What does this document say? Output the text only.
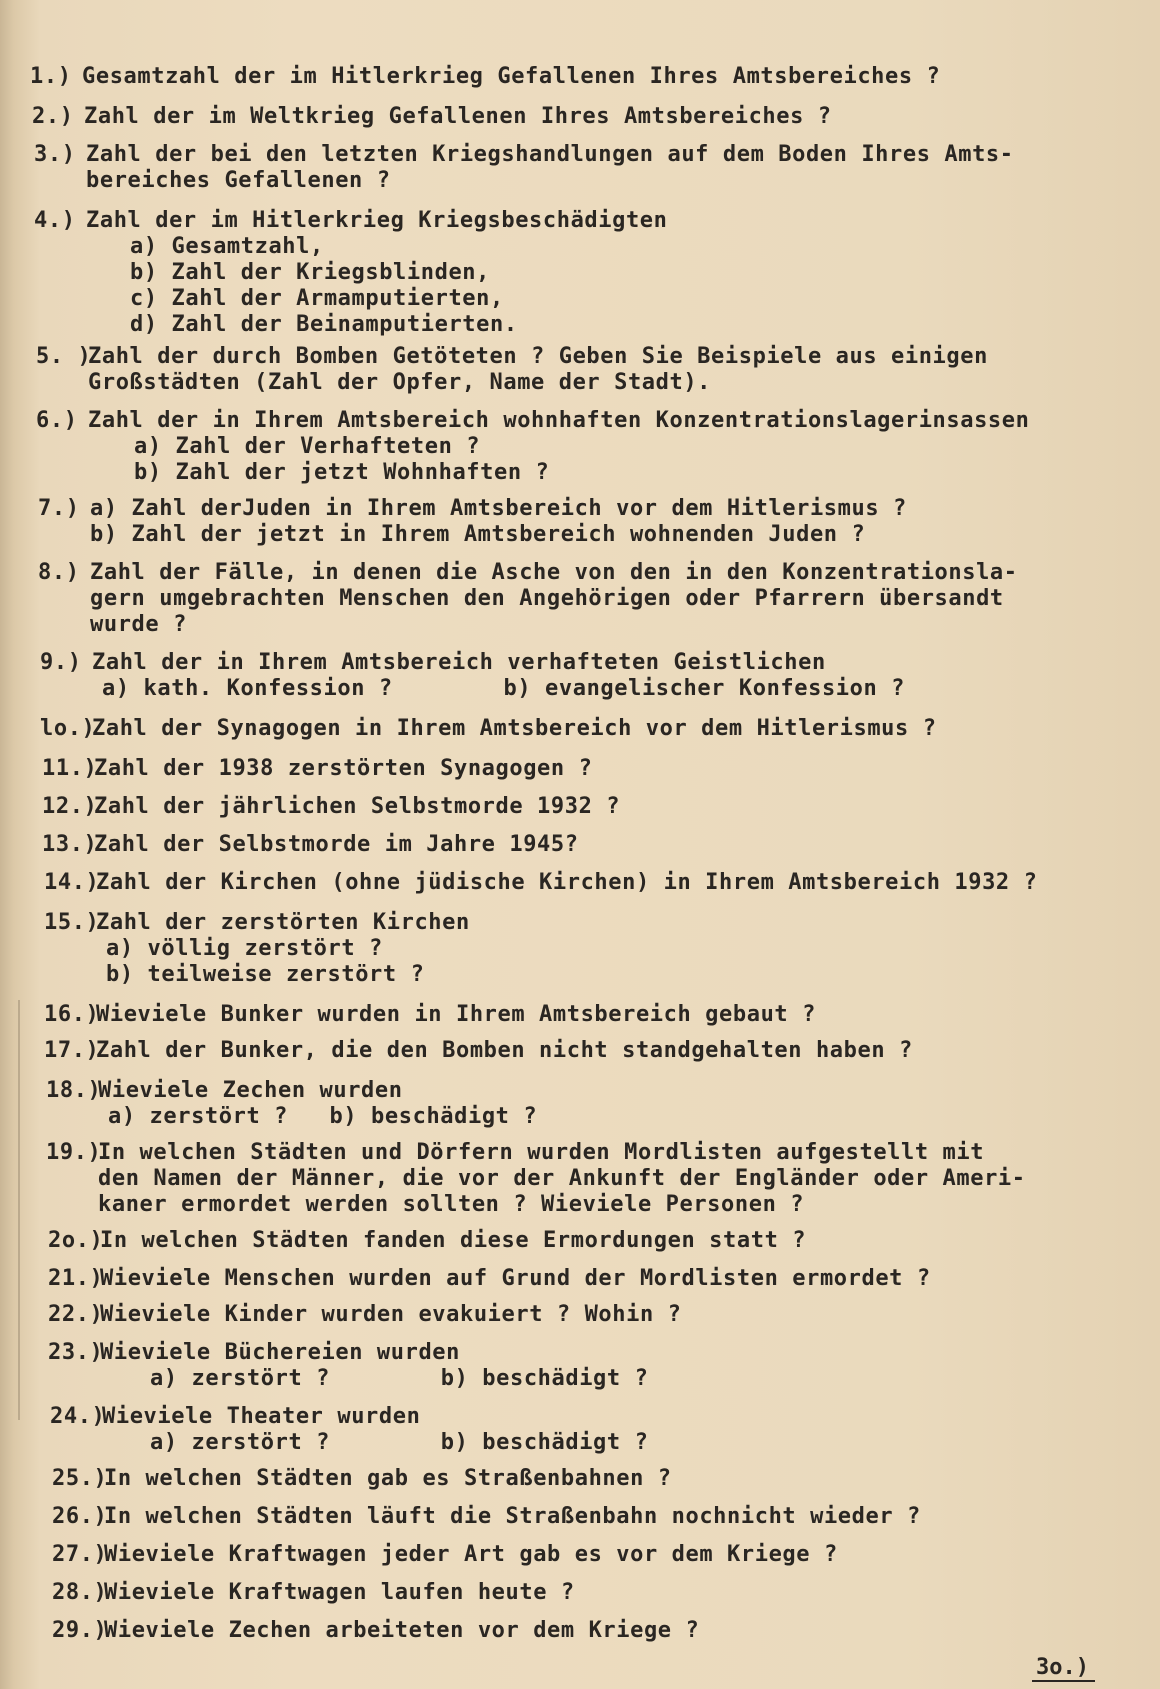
1.) Gesamtzahl der im Hitlerkrieg Gefallenen Ihres Amtsbereiches ?
2.) Zahl der im Weltkrieg Gefallenen Ihres Amtsbereiches ?
3.) Zahl der bei den letzten Kriegshandlungen auf dem Boden Ihres Amts-
bereiches Gefallenen ?
4.) Zahl der im Hitlerkrieg Kriegsbeschädigten
a) Gesamtzahl,
b) Zahl der Kriegsblinden,
c) Zahl der Armamputierten,
d) Zahl der Beinamputierten.
5. )
Zahl der durch Bomben Getöteten ? Geben Sie Beispiele aus einigen
Großstädten (Zahl der Opfer, Name der Stadt).
6.) Zahl der in Ihrem Amtsbereich wohnhaften Konzentrationslagerinsassen
a) Zahl der Verhafteten ?
b) Zahl der jetzt Wohnhaften ?
7.) a) Zahl derJuden in Ihrem Amtsbereich vor dem Hitlerismus ?
b) Zahl der jetzt in Ihrem Amtsbereich wohnenden Juden ?
8.) Zahl der Fälle, in denen die Asche von den in den Konzentrationsla-
gern umgebrachten Menschen den Angehörigen oder Pfarrern übersandt
wurde ?
9.) Zahl der in Ihrem Amtsbereich verhafteten Geistlichen
a) kath. Konfession ?        b) evangelischer Konfession ?
lo.)
Zahl der Synagogen in Ihrem Amtsbereich vor dem Hitlerismus ?
11.)
Zahl der 1938 zerstörten Synagogen ?
12.)
Zahl der jährlichen Selbstmorde 1932 ?
13.)
Zahl der Selbstmorde im Jahre 1945?
14.)
Zahl der Kirchen (ohne jüdische Kirchen) in Ihrem Amtsbereich 1932 ?
15.)
Zahl der zerstörten Kirchen
a) völlig zerstört ?
b) teilweise zerstört ?
16.)
Wieviele Bunker wurden in Ihrem Amtsbereich gebaut ?
17.)
Zahl der Bunker, die den Bomben nicht standgehalten haben ?
18.)
Wieviele Zechen wurden
a) zerstört ?   b) beschädigt ?
19.)
In welchen Städten und Dörfern wurden Mordlisten aufgestellt mit
den Namen der Männer, die vor der Ankunft der Engländer oder Ameri-
kaner ermordet werden sollten ? Wieviele Personen ?
2o.)
In welchen Städten fanden diese Ermordungen statt ?
21.)
Wieviele Menschen wurden auf Grund der Mordlisten ermordet ?
22.)
Wieviele Kinder wurden evakuiert ? Wohin ?
23.)
Wieviele Büchereien wurden
a) zerstört ?        b) beschädigt ?
24.)
Wieviele Theater wurden
a) zerstört ?        b) beschädigt ?
25.)
In welchen Städten gab es Straßenbahnen ?
26.)
In welchen Städten läuft die Straßenbahn nochnicht wieder ?
27.)
Wieviele Kraftwagen jeder Art gab es vor dem Kriege ?
28.)
Wieviele Kraftwagen laufen heute ?
29.)
Wieviele Zechen arbeiteten vor dem Kriege ?
3o.)
